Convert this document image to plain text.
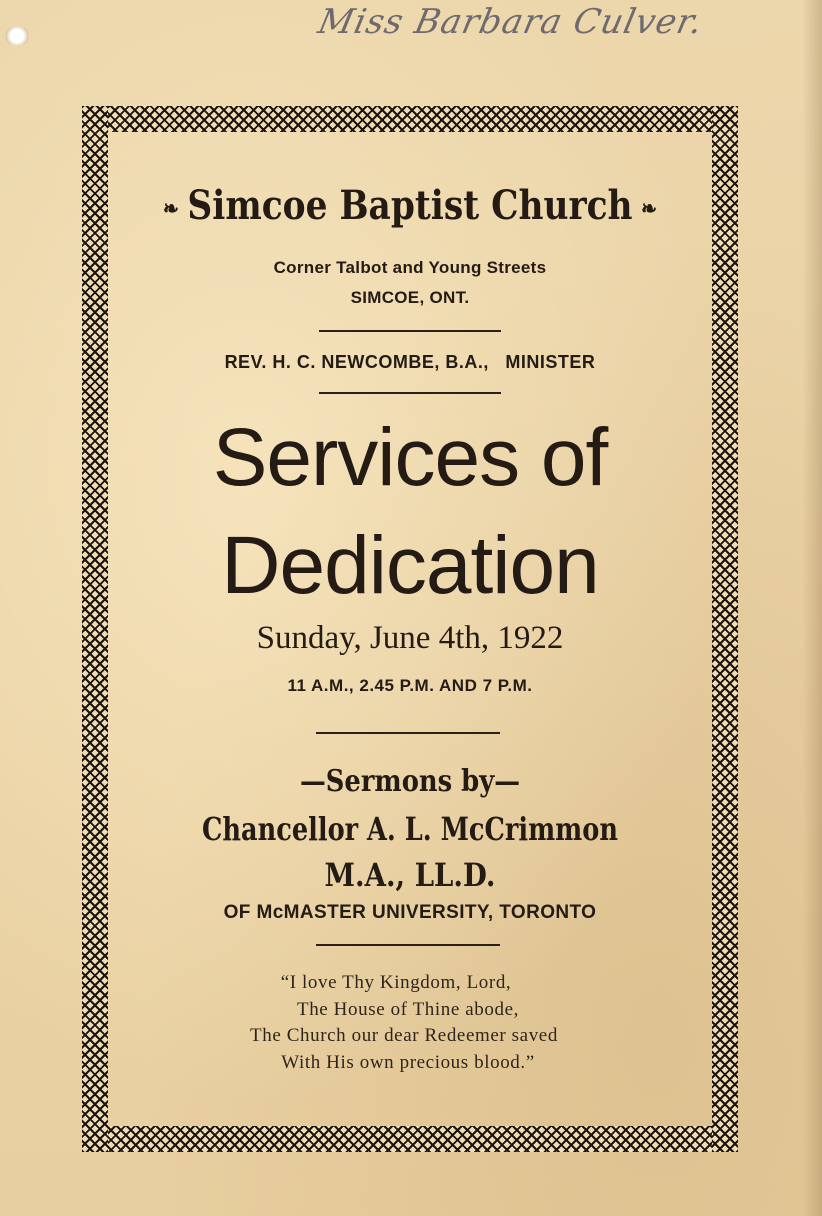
Miss Barbara Culver.
❧ Simcoe Baptist Church ❧
Corner Talbot and Young Streets
SIMCOE, ONT.
REV. H. C. NEWCOMBE, B.A.,   MINISTER
Services of
Dedication
Sunday, June 4th, 1922
11 A.M., 2.45 P.M. AND 7 P.M.
—Sermons by—
Chancellor A. L. McCrimmon
M.A., LL.D.
OF McMASTER UNIVERSITY, TORONTO
“I love Thy Kingdom, Lord,
The House of Thine abode,
The Church our dear Redeemer saved
With His own precious blood.”
